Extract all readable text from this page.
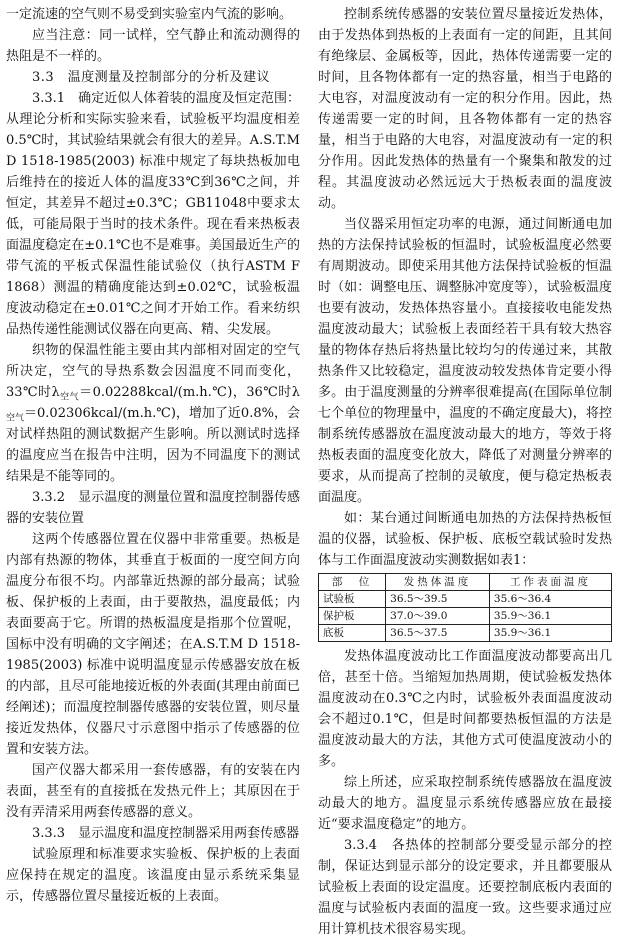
一定流速的空气则不易受到实验室内气流的影响。

应当注意：同一试样，空气静止和流动测得的热阻是不一样的。

3.3　温度测量及控制部分的分析及建议

3.3.1　确定近似人体着装的温度及恒定范围：从理论分析和实际实验来看，试验板平均温度相差0.5℃时，其试验结果就会有很大的差异。A.S.T.M D 1518-1985(2003) 标准中规定了每块热板加电后维持在的接近人体的温度33℃到36℃之间，并恒定，其差异不超过±0.3℃；GB11048中要求太低，可能局限于当时的技术条件。现在看来热板表面温度稳定在±0.1℃也不是难事。美国最近生产的带气流的平板式保温性能试验仪（执行ASTM F 1868）测温的精确度能达到±0.02℃，试验板温度波动稳定在±0.01℃之间才开始工作。看来纺织品热传递性能测试仪器在向更高、精、尖发展。

织物的保温性能主要由其内部相对固定的空气所决定，空气的导热系数会因温度不同而变化，33℃时$\lambda_{空气}=0.02288kcal/(m.h.℃)$，36℃时$\lambda_{空气}=0.02306kcal/(m.h.℃)$，增加了近0.8%，会对试样热阻的测试数据产生影响。所以测试时选择的温度应当在报告中注明，因为不同温度下的测试结果是不能等同的。

3.3.2　显示温度的测量位置和温度控制器传感器的安装位置

这两个传感器位置在仪器中非常重要。热板是内部有热源的物体，其垂直于板面的一度空间方向温度分布很不均。内部靠近热源的部分最高；试验板、保护板的上表面，由于要散热，温度最低；内表面要高于它。所谓的热板温度是指那个位置呢，国标中没有明确的文字阐述；在A.S.T.M D 1518-1985(2003) 标准中说明温度显示传感器安放在板的内部，且尽可能地接近板的外表面(其理由前面已经阐述)；而温度控制器传感器的安装位置，则尽量接近发热体，仪器尺寸示意图中指示了传感器的位置和安装方法。

国产仪器大都采用一套传感器，有的安装在内表面，甚至有的直接抵在发热元件上；其原因在于没有弄清采用两套传感器的意义。

3.3.3　显示温度和温度控制器采用两套传感器

试验原理和标准要求实验板、保护板的上表面应保持在规定的温度。该温度由显示系统采集显示，传感器位置尽量接近板的上表面。

控制系统传感器的安装位置尽量接近发热体，由于发热体到热板的上表面有一定的间距，且其间有绝缘层、金属板等，因此，热体传递需要一定的时间，且各物体都有一定的热容量，相当于电路的大电容，对温度波动有一定的积分作用。因此，热传递需要一定的时间，且各物体都有一定的热容量，相当于电路的大电容，对温度波动有一定的积分作用。因此发热体的热量有一个聚集和散发的过程。其温度波动必然远远大于热板表面的温度波动。

当仪器采用恒定功率的电源，通过间断通电加热的方法保持试验板的恒温时，试验板温度必然要有周期波动。即使采用其他方法保持试验板的恒温时（如：调整电压、调整脉冲宽度等），试验板温度也要有波动，发热体热容量小。直接接收电能发热温度波动最大；试验板上表面经若干具有较大热容量的物体存热后将热量比较均匀的传递过来，其散热条件又比较稳定，温度波动较发热体肯定要小得多。由于温度测量的分辨率很难提高(在国际单位制七个单位的物理量中，温度的不确定度最大)，将控制系统传感器放在温度波动最大的地方，等效于将热板表面的温度变化放大，降低了对测量分辨率的要求，从而提高了控制的灵敏度，便与稳定热板表面温度。

如：某台通过间断通电加热的方法保持热板恒温的仪器，试验板、保护板、底板空载试验时发热体与工作面温度波动实测数据如表1：

部　位	发热体温度	工作表面温度
试验板	36.5～39.5	35.6～36.4
保护板	37.0～39.0	35.9～36.1
底板	36.5～37.5	35.9～36.1

发热体温度波动比工作面温度波动都要高出几倍，甚至十倍。当缩短加热周期，使试验板发热体温度波动在0.3℃之内时，试验板外表面温度波动会不超过0.1℃，但是时间都要热板恒温的方法是温度波动最大的方法，其他方式可使温度波动小的多。

综上所述，应采取控制系统传感器放在温度波动最大的地方。温度显示系统传感器应放在最接近“要求温度稳定”的地方。

3.3.4　各热体的控制部分要受显示部分的控制，保证达到显示部分的设定要求，并且都要服从试验板上表面的设定温度。还要控制底板内表面的温度与试验板内表面的温度一致。这些要求通过应用计算机技术很容易实现。
